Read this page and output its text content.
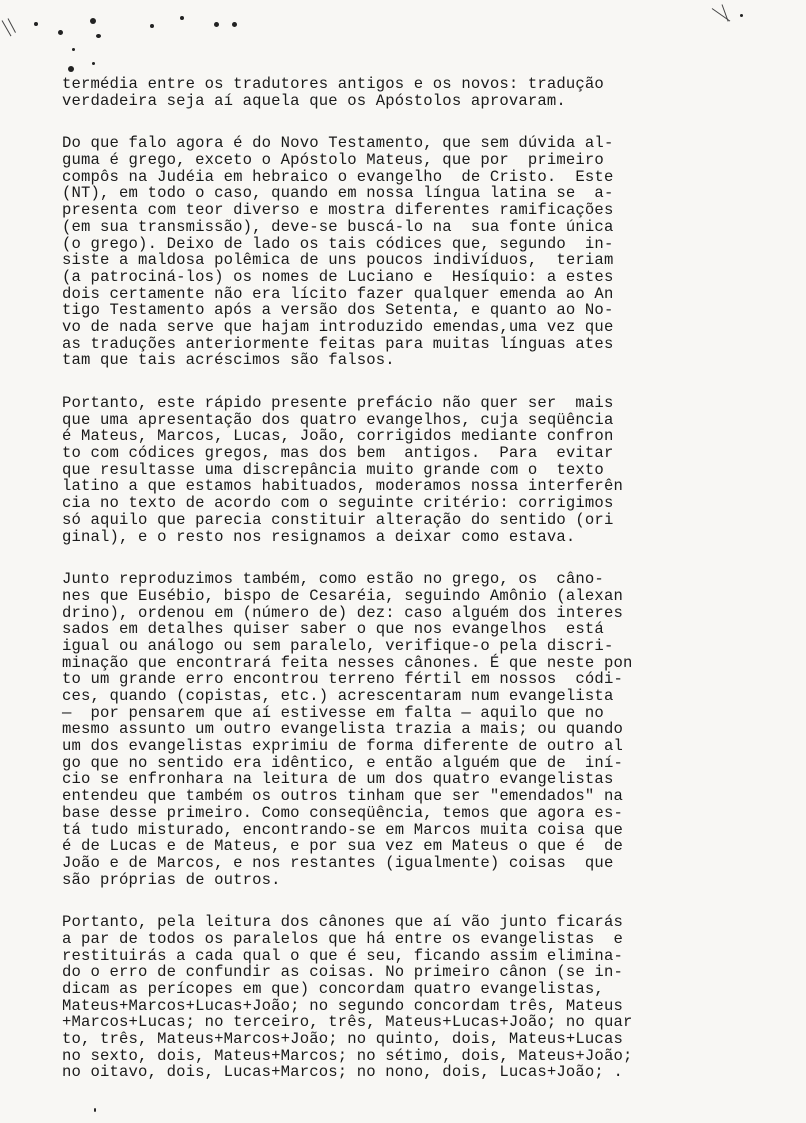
termédia entre os tradutores antigos e os novos: tradução
verdadeira seja aí aquela que os Apóstolos aprovaram.
Do que falo agora é do Novo Testamento, que sem dúvida al-
guma é grego, exceto o Apóstolo Mateus, que por  primeiro
compôs na Judéia em hebraico o evangelho  de Cristo.  Este
(NT), em todo o caso, quando em nossa língua latina se  a-
presenta com teor diverso e mostra diferentes ramificações
(em sua transmissão), deve-se buscá-lo na  sua fonte única
(o grego). Deixo de lado os tais códices que, segundo  in-
siste a maldosa polêmica de uns poucos indivíduos,  teriam
(a patrociná-los) os nomes de Luciano e  Hesíquio: a estes
dois certamente não era lícito fazer qualquer emenda ao An
tigo Testamento após a versão dos Setenta, e quanto ao No-
vo de nada serve que hajam introduzido emendas,uma vez que
as traduções anteriormente feitas para muitas línguas ates
tam que tais acréscimos são falsos.
Portanto, este rápido presente prefácio não quer ser  mais
que uma apresentação dos quatro evangelhos, cuja seqüência
é Mateus, Marcos, Lucas, João, corrigidos mediante confron
to com códices gregos, mas dos bem  antigos.  Para  evitar
que resultasse uma discrepância muito grande com o  texto
latino a que estamos habituados, moderamos nossa interferên
cia no texto de acordo com o seguinte critério: corrigimos
só aquilo que parecia constituir alteração do sentido (ori
ginal), e o resto nos resignamos a deixar como estava.
Junto reproduzimos também, como estão no grego, os  câno-
nes que Eusébio, bispo de Cesaréia, seguindo Amônio (alexan
drino), ordenou em (número de) dez: caso alguém dos interes
sados em detalhes quiser saber o que nos evangelhos  está
igual ou análogo ou sem paralelo, verifique-o pela discri-
minação que encontrará feita nesses cânones. É que neste pon
to um grande erro encontrou terreno fértil em nossos  códi-
ces, quando (copistas, etc.) acrescentaram num evangelista
—  por pensarem que aí estivesse em falta — aquilo que no
mesmo assunto um outro evangelista trazia a mais; ou quando
um dos evangelistas exprimiu de forma diferente de outro al
go que no sentido era idêntico, e então alguém que de  iní-
cio se enfronhara na leitura de um dos quatro evangelistas
entendeu que também os outros tinham que ser "emendados" na
base desse primeiro. Como conseqüência, temos que agora es-
tá tudo misturado, encontrando-se em Marcos muita coisa que
é de Lucas e de Mateus, e por sua vez em Mateus o que é  de
João e de Marcos, e nos restantes (igualmente) coisas  que
são próprias de outros.
Portanto, pela leitura dos cânones que aí vão junto ficarás
a par de todos os paralelos que há entre os evangelistas  e
restituirás a cada qual o que é seu, ficando assim elimina-
do o erro de confundir as coisas. No primeiro cânon (se in-
dicam as perícopes em que) concordam quatro evangelistas,
Mateus+Marcos+Lucas+João; no segundo concordam três, Mateus
+Marcos+Lucas; no terceiro, três, Mateus+Lucas+João; no quar
to, três, Mateus+Marcos+João; no quinto, dois, Mateus+Lucas
no sexto, dois, Mateus+Marcos; no sétimo, dois, Mateus+João;
no oitavo, dois, Lucas+Marcos; no nono, dois, Lucas+João; .
